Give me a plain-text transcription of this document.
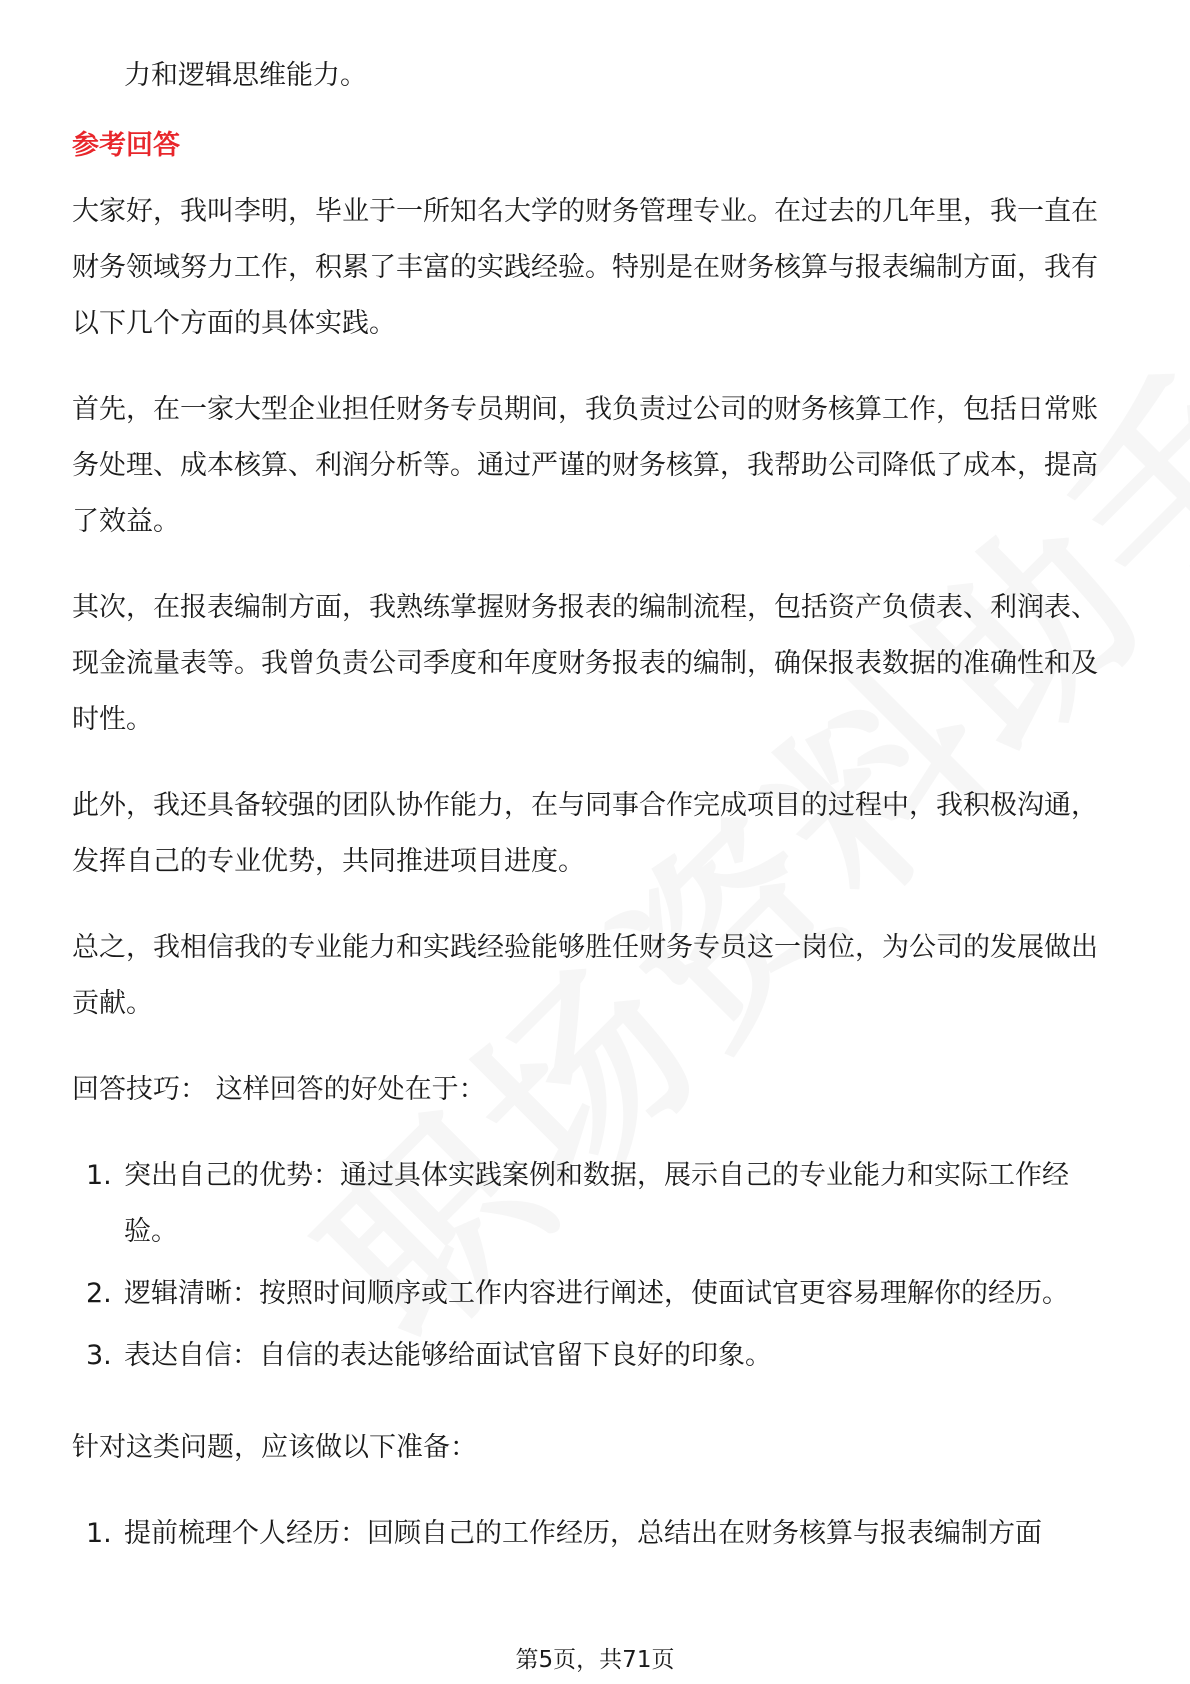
力和逻辑思维能力。

参考回答

大家好，我叫李明，毕业于一所知名大学的财务管理专业。在过去的几年里，我一直在财务领域努力工作，积累了丰富的实践经验。特别是在财务核算与报表编制方面，我有以下几个方面的具体实践。

首先，在一家大型企业担任财务专员期间，我负责过公司的财务核算工作，包括日常账务处理、成本核算、利润分析等。通过严谨的财务核算，我帮助公司降低了成本，提高了效益。

其次，在报表编制方面，我熟练掌握财务报表的编制流程，包括资产负债表、利润表、现金流量表等。我曾负责公司季度和年度财务报表的编制，确保报表数据的准确性和及时性。

此外，我还具备较强的团队协作能力，在与同事合作完成项目的过程中，我积极沟通，发挥自己的专业优势，共同推进项目进度。

总之，我相信我的专业能力和实践经验能够胜任财务专员这一岗位，为公司的发展做出贡献。

回答技巧： 这样回答的好处在于：

1. 突出自己的优势：通过具体实践案例和数据，展示自己的专业能力和实际工作经验。
2. 逻辑清晰：按照时间顺序或工作内容进行阐述，使面试官更容易理解你的经历。
3. 表达自信：自信的表达能够给面试官留下良好的印象。

针对这类问题，应该做以下准备：

1. 提前梳理个人经历：回顾自己的工作经历，总结出在财务核算与报表编制方面
第5页，共71页
